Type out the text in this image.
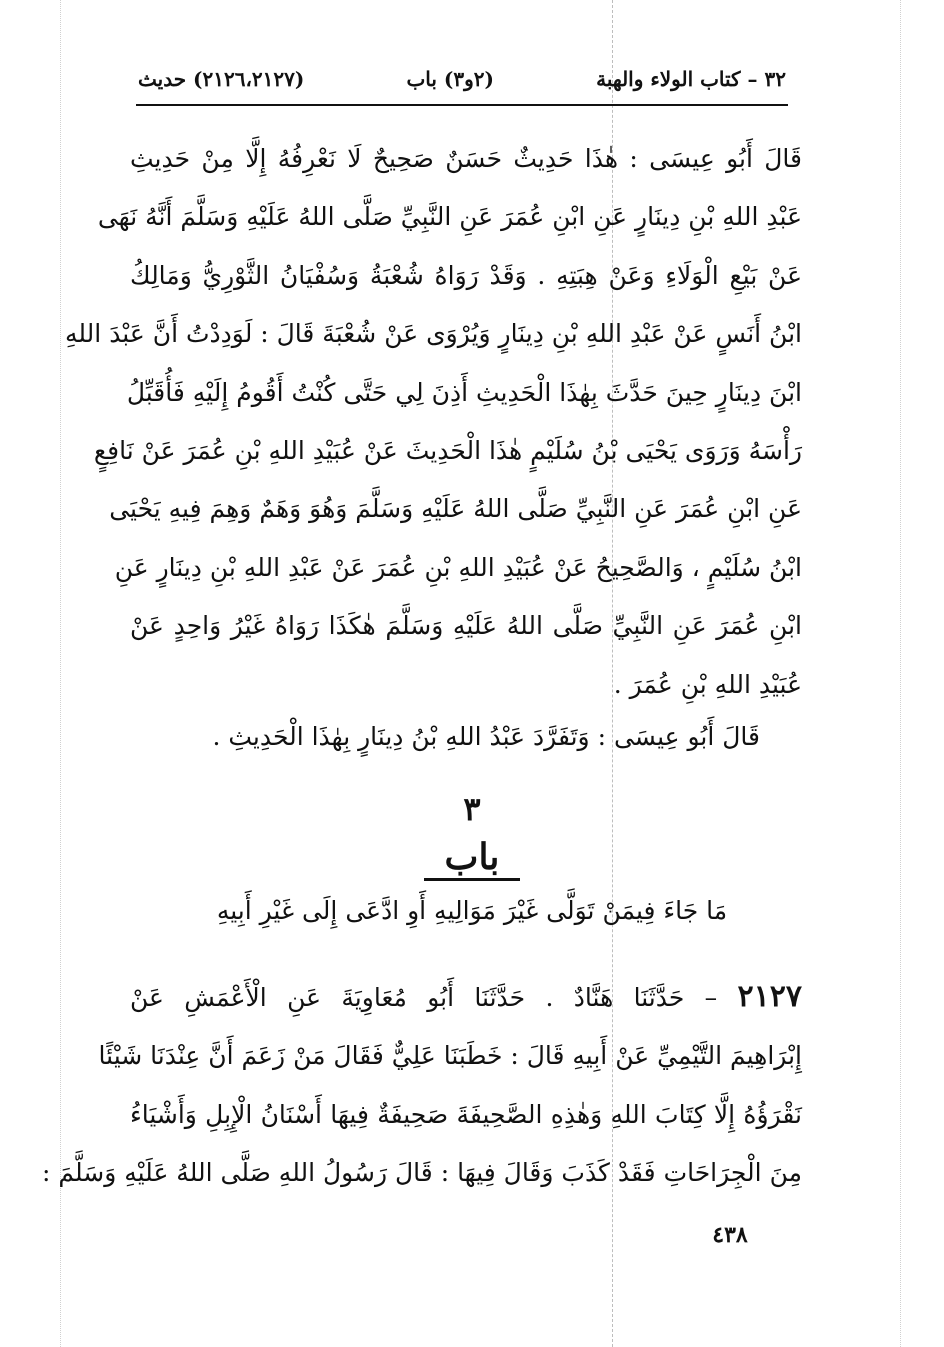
٣٢ – كتاب الولاء والهبة
(٢و٣) باب
(٢١٢٦،٢١٢٧) حديث
قَالَ أَبُو عِيسَى : هٰذَا حَدِيثٌ حَسَنٌ صَحِيحٌ لَا نَعْرِفُهُ إِلَّا مِنْ حَدِيثِ
عَبْدِ اللهِ بْنِ دِينَارٍ عَنِ ابْنِ عُمَرَ عَنِ النَّبِيِّ صَلَّى اللهُ عَلَيْهِ وَسَلَّمَ أَنَّهُ نَهَى
عَنْ بَيْعِ الْوَلَاءِ وَعَنْ هِبَتِهِ . وَقَدْ رَوَاهُ شُعْبَةُ وَسُفْيَانُ الثَّوْرِيُّ وَمَالِكُ
ابْنُ أَنَسٍ عَنْ عَبْدِ اللهِ بْنِ دِينَارٍ وَيُرْوَى عَنْ شُعْبَةَ قَالَ : لَوَدِدْتُ أَنَّ عَبْدَ اللهِ
ابْنَ دِينَارٍ حِينَ حَدَّثَ بِهٰذَا الْحَدِيثِ أَذِنَ لِي حَتَّى كُنْتُ أَقُومُ إِلَيْهِ فَأُقَبِّلُ
رَأْسَهُ وَرَوَى يَحْيَى بْنُ سُلَيْمٍ هٰذَا الْحَدِيثَ عَنْ عُبَيْدِ اللهِ بْنِ عُمَرَ عَنْ نَافِعٍ
عَنِ ابْنِ عُمَرَ عَنِ النَّبِيِّ صَلَّى اللهُ عَلَيْهِ وَسَلَّمَ وَهُوَ وَهَمٌ وَهِمَ فِيهِ يَحْيَى
ابْنُ سُلَيْمٍ ، وَالصَّحِيحُ عَنْ عُبَيْدِ اللهِ بْنِ عُمَرَ عَنْ عَبْدِ اللهِ بْنِ دِينَارٍ عَنِ
ابْنِ عُمَرَ عَنِ النَّبِيِّ صَلَّى اللهُ عَلَيْهِ وَسَلَّمَ هٰكَذَا رَوَاهُ غَيْرُ وَاحِدٍ عَنْ
عُبَيْدِ اللهِ بْنِ عُمَرَ .
قَالَ أَبُو عِيسَى : وَتَفَرَّدَ عَبْدُ اللهِ بْنُ دِينَارٍ بِهٰذَا الْحَدِيثِ .
٣
باب
مَا جَاءَ فِيمَنْ تَوَلَّى غَيْرَ مَوَالِيهِ أَوِ ادَّعَى إِلَى غَيْرِ أَبِيهِ
٢١٢٧ – حَدَّثَنَا هَنَّادٌ . حَدَّثَنَا أَبُو مُعَاوِيَةَ عَنِ الْأَعْمَشِ عَنْ
إِبْرَاهِيمَ التَّيْمِيِّ عَنْ أَبِيهِ قَالَ : خَطَبَنَا عَلِيٌّ فَقَالَ مَنْ زَعَمَ أَنَّ عِنْدَنَا شَيْئًا
نَقْرَؤُهُ إِلَّا كِتَابَ اللهِ وَهٰذِهِ الصَّحِيفَةَ صَحِيفَةٌ فِيهَا أَسْنَانُ الْإِبِلِ وَأَشْيَاءُ
مِنَ الْجِرَاحَاتِ فَقَدْ كَذَبَ وَقَالَ فِيهَا : قَالَ رَسُولُ اللهِ صَلَّى اللهُ عَلَيْهِ وَسَلَّمَ :
٤٣٨
